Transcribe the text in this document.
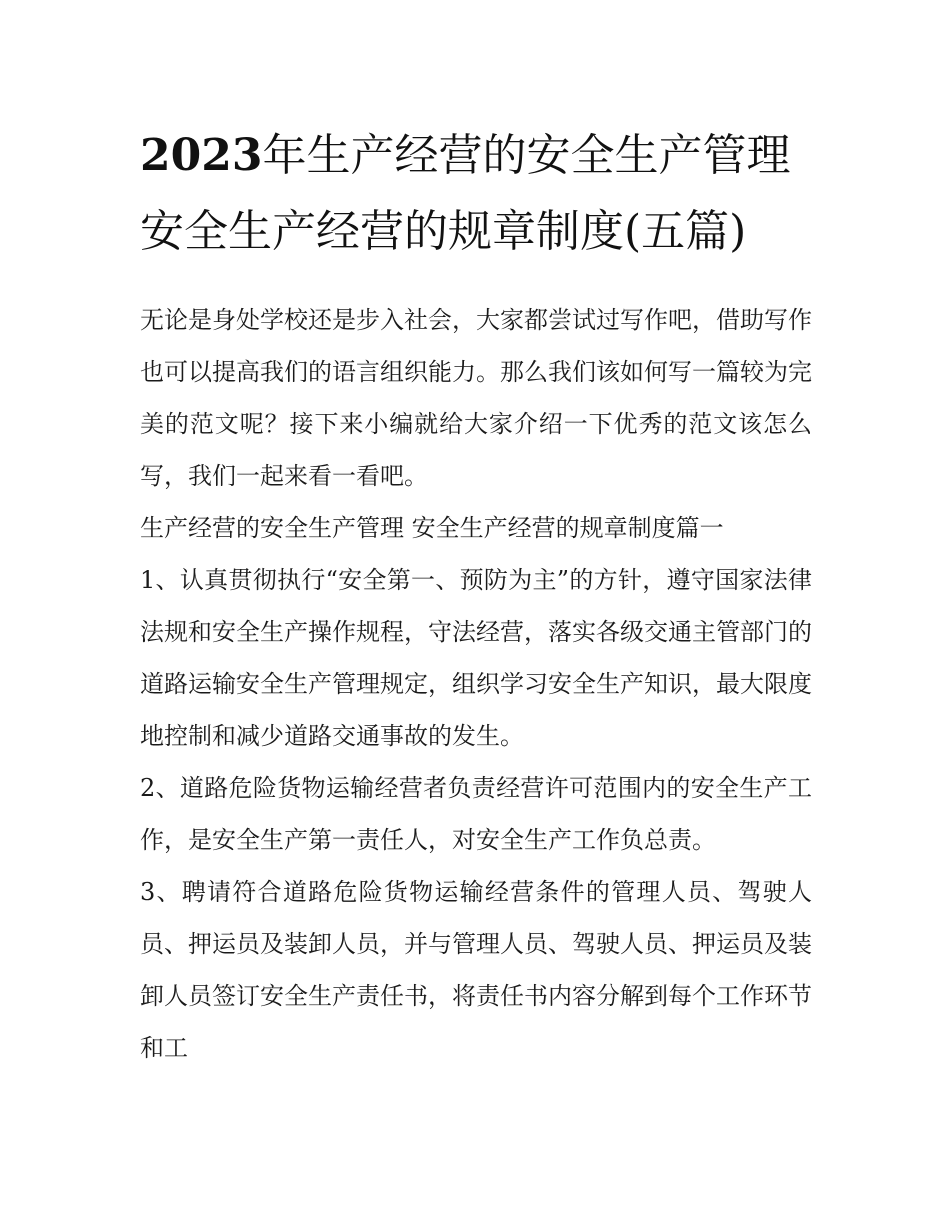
2023年生产经营的安全生产管理 安全生产经营的规章制度(五篇)

无论是身处学校还是步入社会，大家都尝试过写作吧，借助写作也可以提高我们的语言组织能力。那么我们该如何写一篇较为完美的范文呢？接下来小编就给大家介绍一下优秀的范文该怎么写，我们一起来看一看吧。

生产经营的安全生产管理 安全生产经营的规章制度篇一

1、认真贯彻执行“安全第一、预防为主”的方针，遵守国家法律法规和安全生产操作规程，守法经营，落实各级交通主管部门的道路运输安全生产管理规定，组织学习安全生产知识，最大限度地控制和减少道路交通事故的发生。

2、道路危险货物运输经营者负责经营许可范围内的安全生产工作，是安全生产第一责任人，对安全生产工作负总责。

3、聘请符合道路危险货物运输经营条件的管理人员、驾驶人员、押运员及装卸人员，并与管理人员、驾驶人员、押运员及装卸人员签订安全生产责任书，将责任书内容分解到每个工作环节和工
